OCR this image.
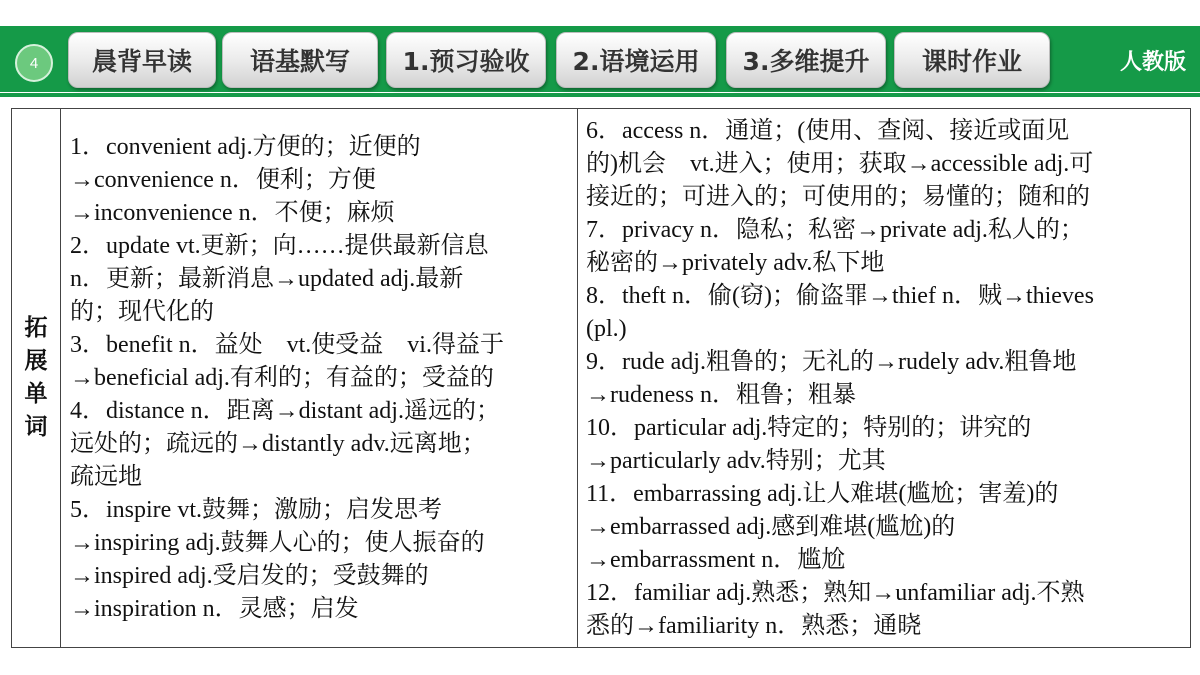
4	晨背早读	语基默写	1.预习验收	2.语境运用	3.多维提升	课时作业	人教版
拓
展
单
词
1．convenient adj.方便的；近便的
→convenience n．便利；方便
→inconvenience n．不便；麻烦
2．update vt.更新；向……提供最新信息
n．更新；最新消息→updated adj.最新
的；现代化的
3．benefit n．益处　vt.使受益　vi.得益于
→beneficial adj.有利的；有益的；受益的
4．distance n．距离→distant adj.遥远的；
远处的；疏远的→distantly adv.远离地；
疏远地
5．inspire vt.鼓舞；激励；启发思考
→inspiring adj.鼓舞人心的；使人振奋的
→inspired adj.受启发的；受鼓舞的
→inspiration n．灵感；启发
6．access n．通道；(使用、查阅、接近或面见
的)机会　vt.进入；使用；获取→accessible adj.可
接近的；可进入的；可使用的；易懂的；随和的
7．privacy n．隐私；私密→private adj.私人的；
秘密的→privately adv.私下地
8．theft n．偷(窃)；偷盗罪→thief n．贼→thieves
(pl.)
9．rude adj.粗鲁的；无礼的→rudely adv.粗鲁地
→rudeness n．粗鲁；粗暴
10．particular adj.特定的；特别的；讲究的
→particularly adv.特别；尤其
11．embarrassing adj.让人难堪(尴尬；害羞)的
→embarrassed adj.感到难堪(尴尬)的
→embarrassment n．尴尬
12．familiar adj.熟悉；熟知→unfamiliar adj.不熟
悉的→familiarity n．熟悉；通晓
